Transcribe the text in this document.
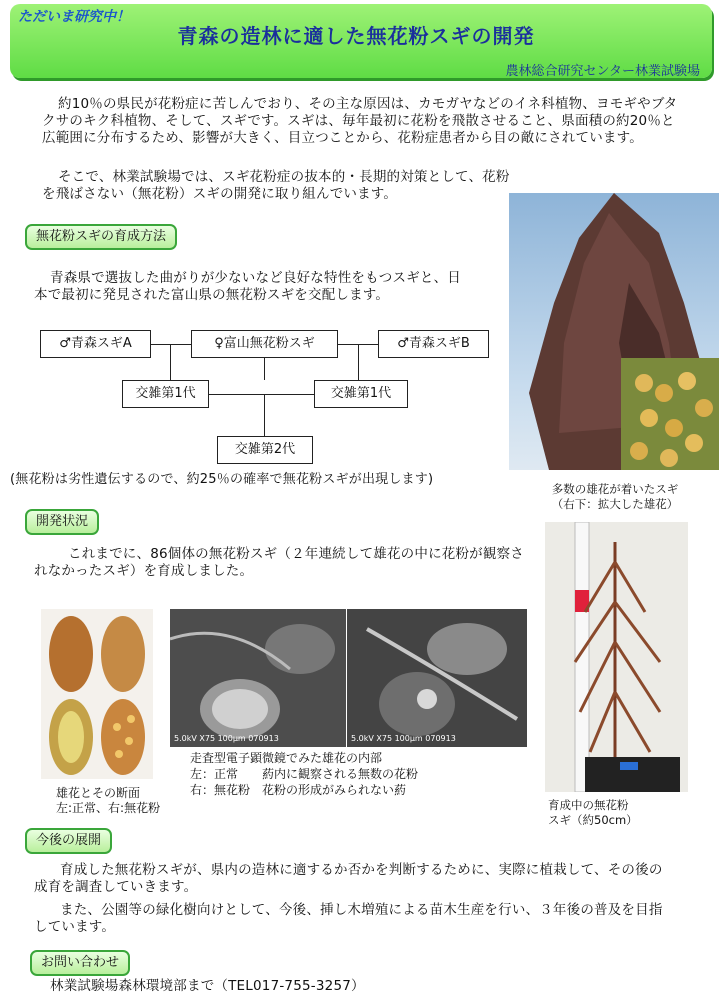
ただいま研究中！
青森の造林に適した無花粉スギの開発
農林総合研究センター林業試験場
約10％の県民が花粉症に苦しんでおり、その主な原因は、カモガヤなどのイネ科植物、ヨモギやブタクサのキク科植物、そして、スギです。スギは、毎年最初に花粉を飛散させること、県面積の約20％と広範囲に分布するため、影響が大きく、目立つことから、花粉症患者から目の敵にされています。
そこで、林業試験場では、スギ花粉症の抜本的・長期的対策として、花粉を飛ばさない（無花粉）スギの開発に取り組んでいます。
多数の雄花が着いたスギ
（右下：拡大した雄花）
無花粉スギの育成方法
青森県で選抜した曲がりが少ないなど良好な特性をもつスギと、日本で最初に発見された富山県の無花粉スギを交配します。
♂青森スギA	♀富山無花粉スギ	♂青森スギB
交雑第1代	交雑第1代
交雑第2代
(無花粉は劣性遺伝するので、約25％の確率で無花粉スギが出現します)
開発状況
これまでに、86個体の無花粉スギ（２年連続して雄花の中に花粉が観察されなかったスギ）を育成しました。
雄花とその断面
左:正常、右:無花粉
5.0kV X75 100μm 070913	5.0kV X75 100μm 070913
走査型電子顕微鏡でみた雄花の内部
左：正常　　葯内に観察される無数の花粉
右：無花粉　花粉の形成がみられない葯
育成中の無花粉
スギ（約50cm）
今後の展開
育成した無花粉スギが、県内の造林に適するか否かを判断するために、実際に植栽して、その後の成育を調査していきます。
また、公園等の緑化樹向けとして、今後、挿し木増殖による苗木生産を行い、３年後の普及を目指しています。
お問い合わせ
林業試験場森林環境部まで（TEL017-755-3257）
